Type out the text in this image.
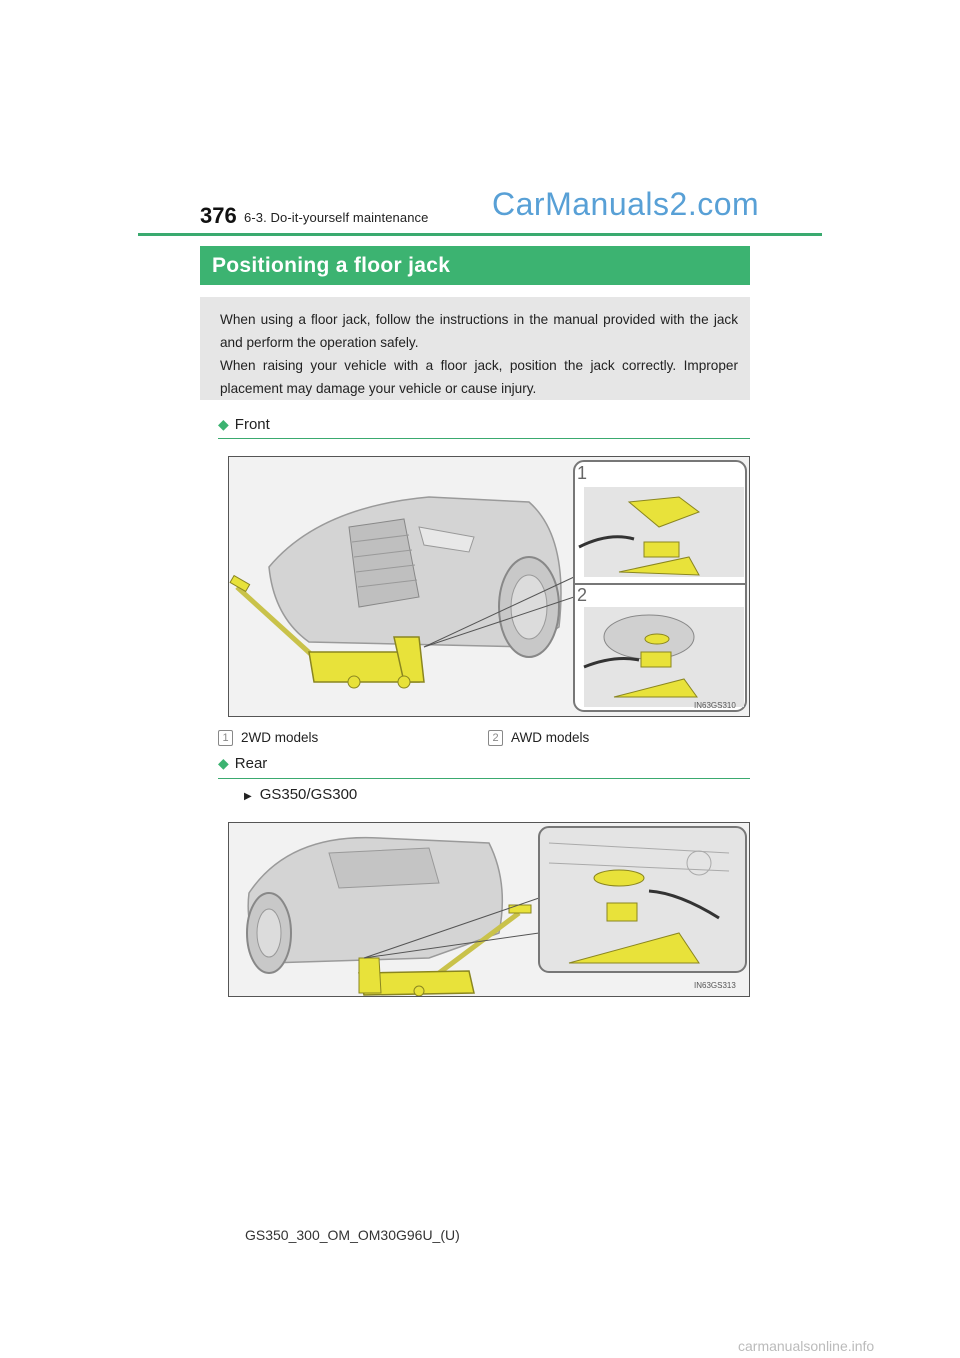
376 6-3. Do-it-yourself maintenance CarManuals2.com
Positioning a floor jack

When using a floor jack, follow the instructions in the manual provided with the jack and perform the operation safely.

When raising your vehicle with a floor jack, position the jack correctly. Improper placement may damage your vehicle or cause injury.

◆ Front
1
2
IN63GS310
1 2WD models	2 AWD models
◆ Rear
▶ GS350/GS300
IN63GS313
GS350_300_OM_OM30G96U_(U)
carmanualsonline.info
